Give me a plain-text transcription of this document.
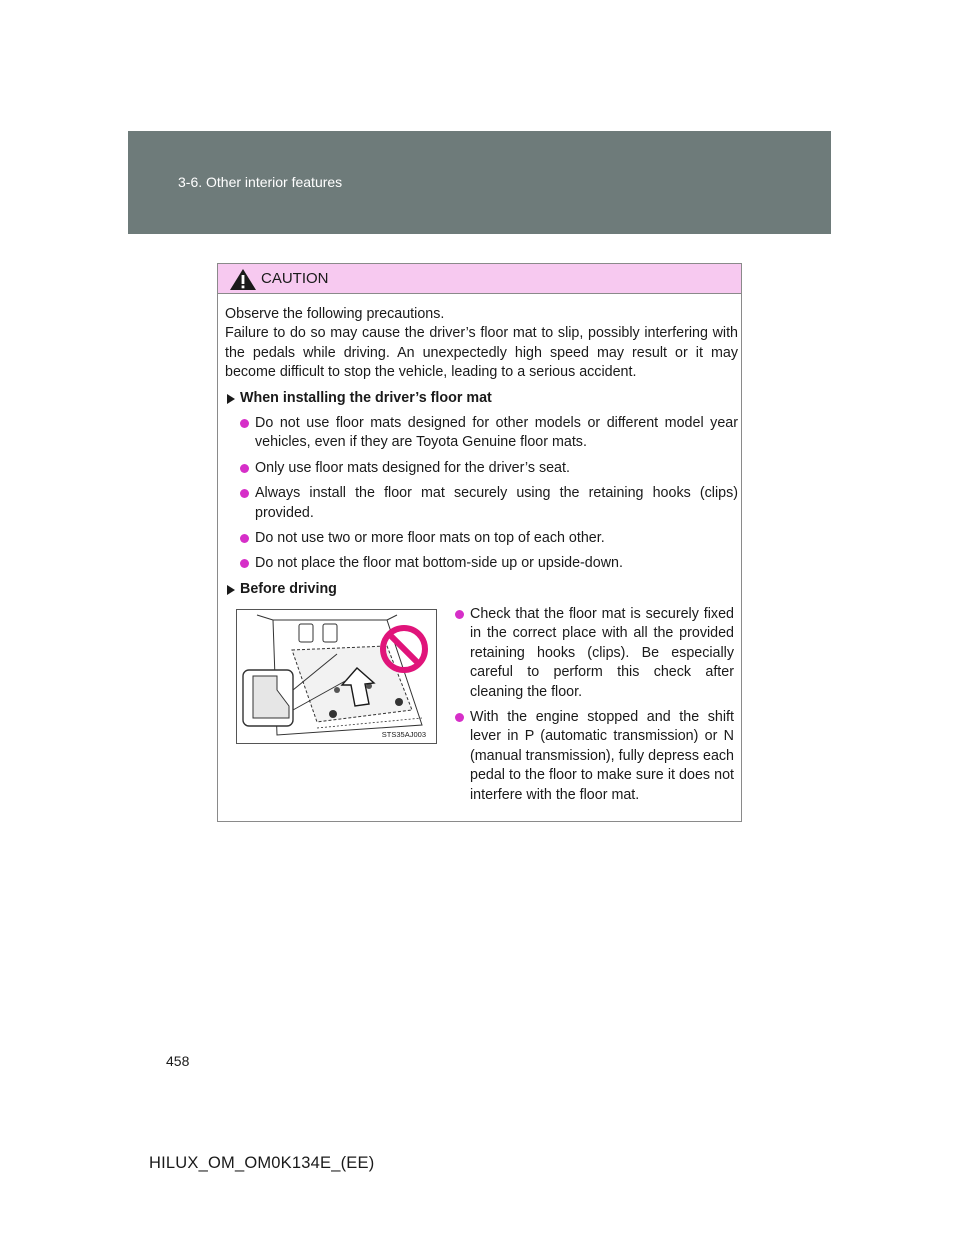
3-6. Other interior features
CAUTION

Observe the following precautions.

Failure to do so may cause the driver’s floor mat to slip, possibly interfering with the pedals while driving. An unexpectedly high speed may result or it may become difficult to stop the vehicle, leading to a serious accident.

When installing the driver’s floor mat
Do not use floor mats designed for other models or different model year vehicles, even if they are Toyota Genuine floor mats.
Only use floor mats designed for the driver’s seat.
Always install the floor mat securely using the retaining hooks (clips) provided.
Do not use two or more floor mats on top of each other.
Do not place the floor mat bottom-side up or upside-down.
Before driving
STS35AJ003
Check that the floor mat is securely fixed in the correct place with all the provided retaining hooks (clips). Be especially careful to perform this check after cleaning the floor.
With the engine stopped and the shift lever in P (automatic transmission) or N (manual transmission), fully depress each pedal to the floor to make sure it does not interfere with the floor mat.
458
HILUX_OM_OM0K134E_(EE)
